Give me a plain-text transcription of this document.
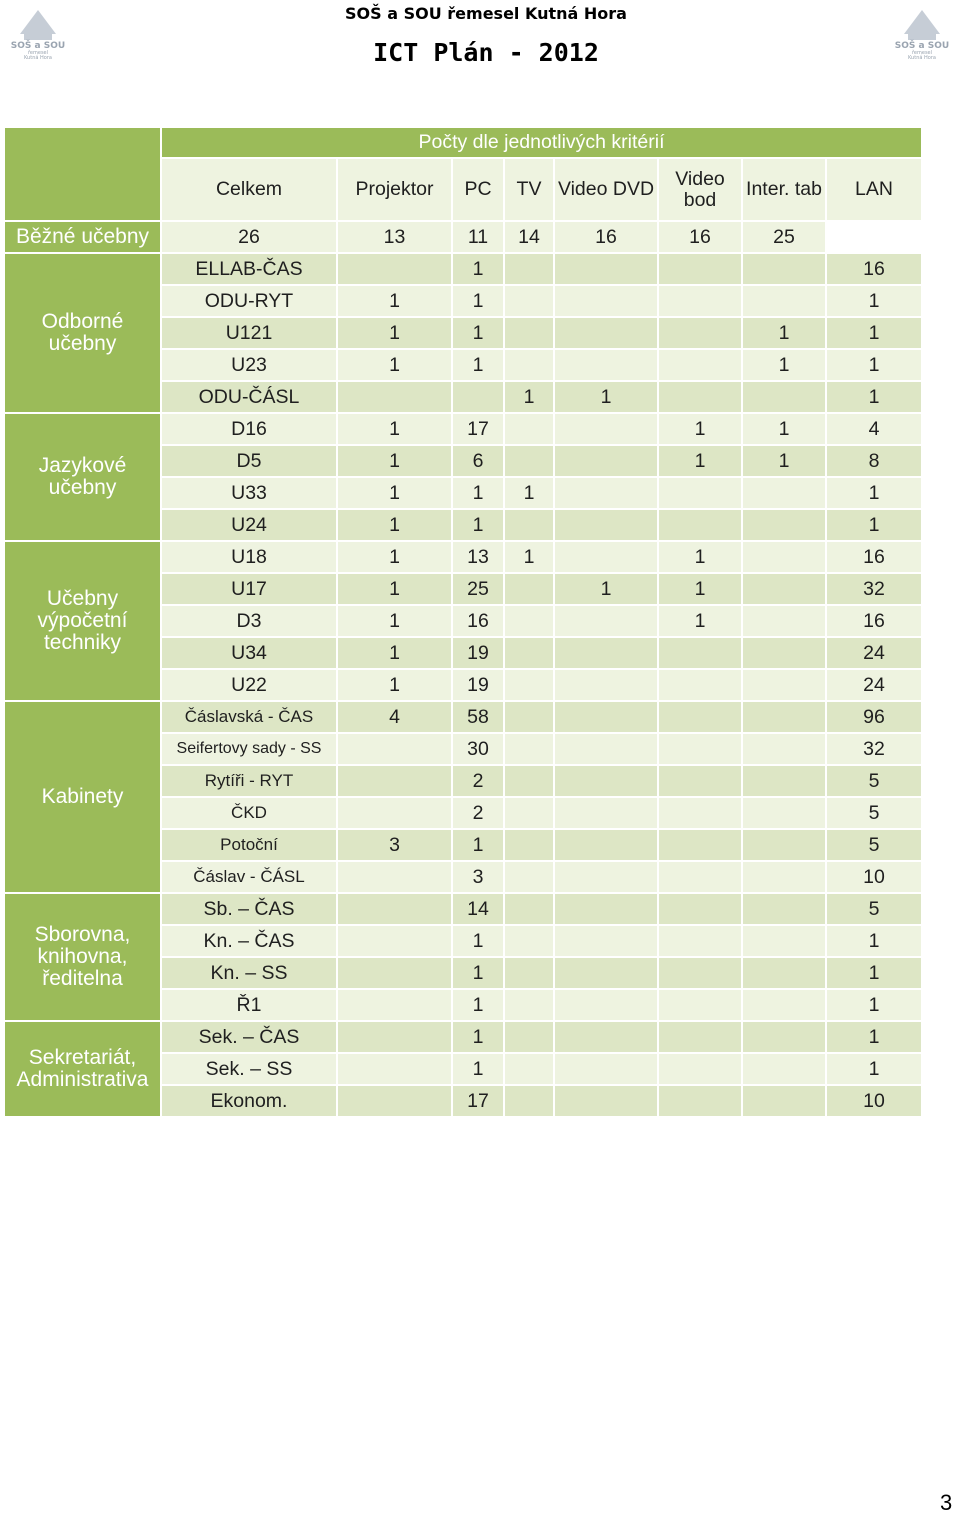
SOŠ a SOU
řemesel
Kutná Hora
SOŠ a SOU
řemesel
Kutná Hora
SOŠ a SOU řemesel Kutná Hora
ICT Plán - 2012
	Počty dle jednotlivých kritérií							
	Celkem	Projektor	PC	TV	Video DVD	Video bod	Inter. tab	LAN
Běžné učebny	26	13	11	14	16	16	25	
Odborné učebny	ELLAB-ČAS		1					16
	ODU-RYT	1	1					1
	U121	1	1				1	1
	U23	1	1				1	1
	ODU-ČÁSL			1	1			1
Jazykové učebny	D16	1	17			1	1	4
	D5	1	6			1	1	8
	U33	1	1	1				1
	U24	1	1					1
Učebny výpočetní techniky	U18	1	13	1		1		16
	U17	1	25		1	1		32
	D3	1	16			1		16
	U34	1	19					24
	U22	1	19					24
Kabinety	Čáslavská - ČAS	4	58					96
	Seifertovy sady - SS		30					32
	Rytíři - RYT		2					5
	ČKD		2					5
	Potoční	3	1					5
	Čáslav - ČÁSL		3					10
Sborovna, knihovna, ředitelna	Sb. – ČAS		14					5
	Kn. – ČAS		1					1
	Kn. – SS		1					1
	Ř1		1					1
Sekretariát, Administrativa	Sek. – ČAS		1					1
	Sek. – SS		1					1
	Ekonom.		17					10
3
